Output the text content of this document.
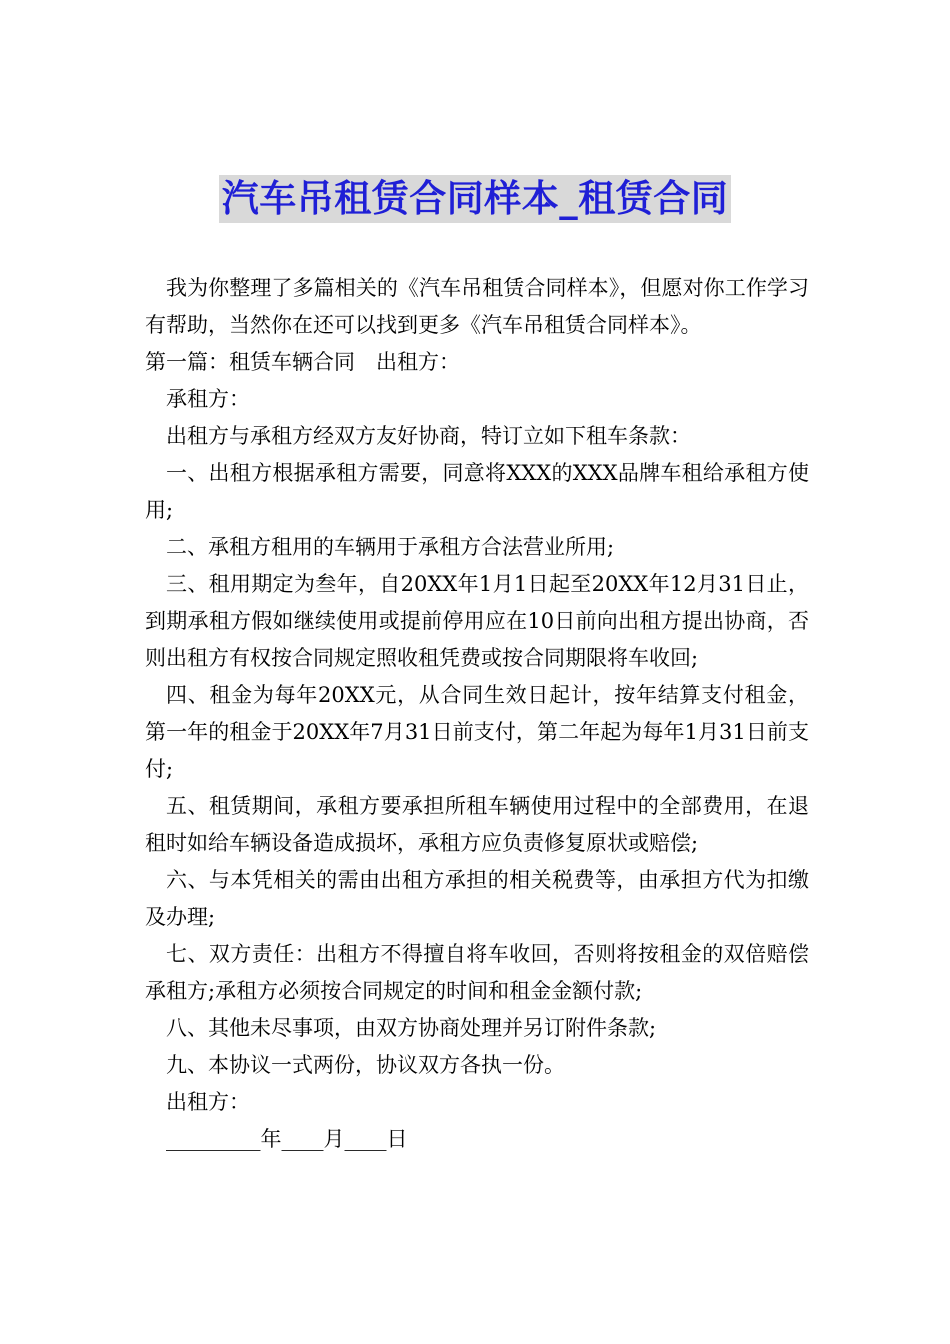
汽车吊租赁合同样本_租赁合同

我为你整理了多篇相关的《汽车吊租赁合同样本》，但愿对你工作学习有帮助，当然你在还可以找到更多《汽车吊租赁合同样本》。

第一篇：租赁车辆合同　出租方：

承租方：

出租方与承租方经双方友好协商，特订立如下租车条款：

一、出租方根据承租方需要，同意将XXX的XXX品牌车租给承租方使用;

二、承租方租用的车辆用于承租方合法营业所用;

三、租用期定为叁年，自20XX年1月1日起至20XX年12月31日止，到期承租方假如继续使用或提前停用应在10日前向出租方提出协商，否则出租方有权按合同规定照收租凭费或按合同期限将车收回;

四、租金为每年20XX元，从合同生效日起计，按年结算支付租金，第一年的租金于20XX年7月31日前支付，第二年起为每年1月31日前支付;

五、租赁期间，承租方要承担所租车辆使用过程中的全部费用，在退租时如给车辆设备造成损坏，承租方应负责修复原状或赔偿;

六、与本凭相关的需由出租方承担的相关税费等，由承担方代为扣缴及办理;

七、双方责任：出租方不得擅自将车收回，否则将按租金的双倍赔偿承租方;承租方必须按合同规定的时间和租金金额付款;

八、其他未尽事项，由双方协商处理并另订附件条款;

九、本协议一式两份，协议双方各执一份。

出租方：

_________年____月____日
